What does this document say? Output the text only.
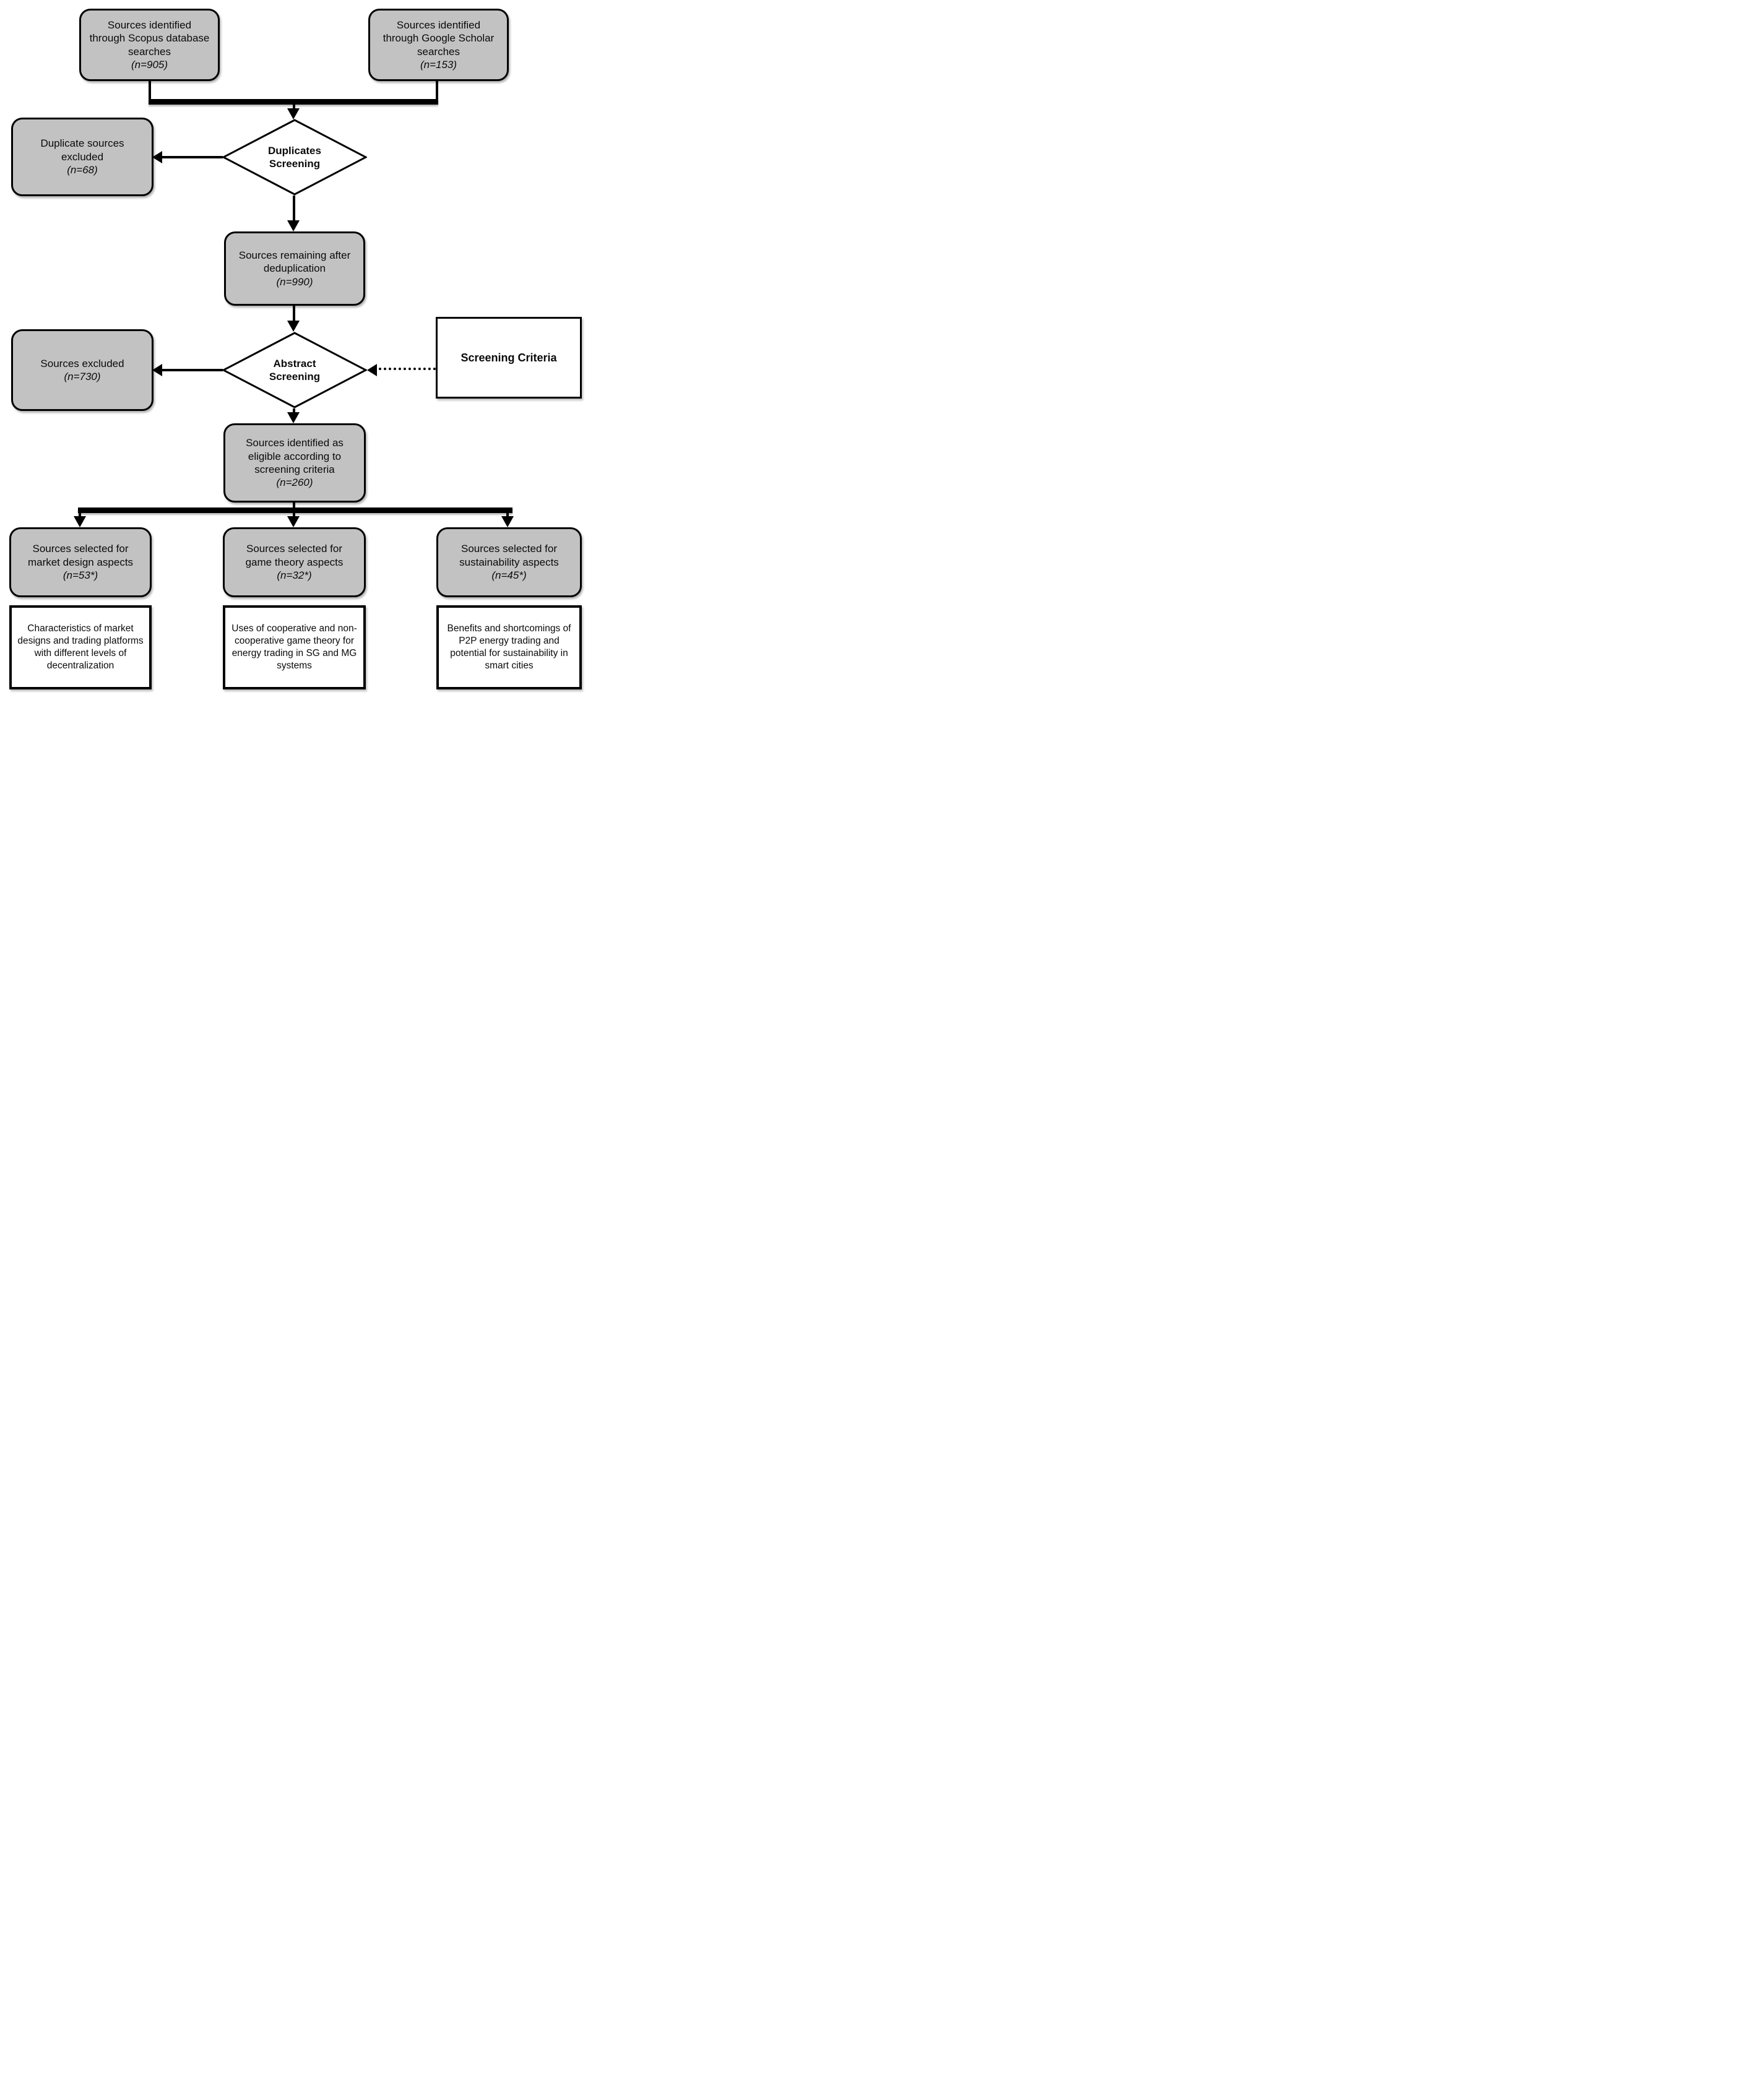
Sources identified through Scopus database searches
(n=905)
Sources identified through Google Scholar searches
(n=153)
Duplicates Screening
Duplicate sources excluded
(n=68)
Sources remaining after deduplication
(n=990)
Abstract Screening
Sources excluded
(n=730)
Screening Criteria
Sources identified as eligible according to screening criteria
(n=260)
Sources selected for market design aspects
(n=53*)
Sources selected for game theory aspects
(n=32*)
Sources selected for sustainability aspects
(n=45*)
Characteristics of market designs and trading platforms with different levels of decentralization
Uses of cooperative and non-cooperative game theory for energy trading in SG and MG systems
Benefits and shortcomings of P2P energy trading and potential for sustainability in smart cities
